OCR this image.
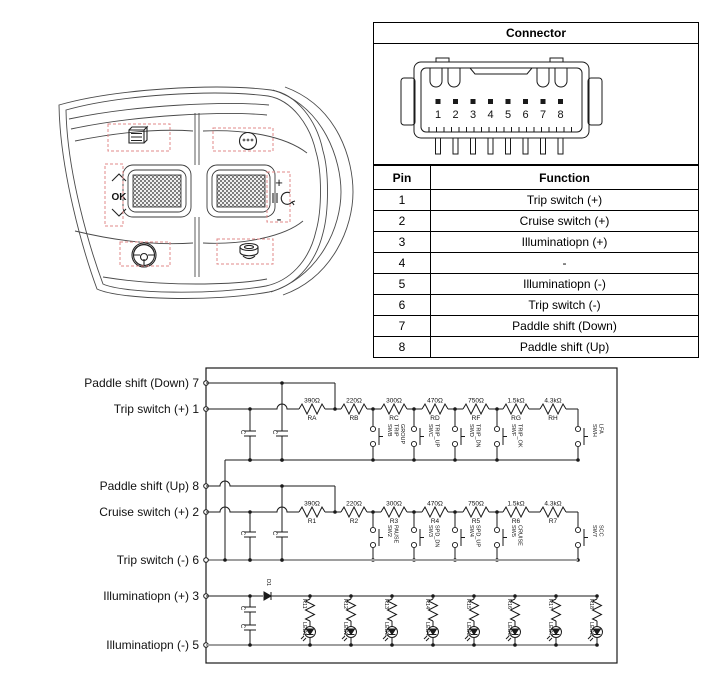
OK
+
-
Connector
1 2 3 4 5 6 7 8
Pin	Function
1	Trip switch (+)
2	Cruise switch (+)
3	Illuminatiopn (+)
4	-
5	Illuminatiopn (-)
6	Trip switch (-)
7	Paddle shift (Down)
8	Paddle shift (Up)
Paddle shift (Down) 7
Trip switch (+) 1
Paddle shift (Up) 8
Cruise switch (+) 2
Trip switch (-) 6
Illuminatiopn (+) 3
Illuminatiopn (-) 5
390Ω
RA
220Ω
RB
300Ω
RC
470Ω
RD
750Ω
RF
1.5kΩ
RG
4.3kΩ
RH
SWB TRIP GROUP	SWC TRIP_UP	SWD TRIP_DN	SWF TRIP_OK	SWH LFA
C	C
390Ω
R1
220Ω
R2
300Ω
R3
470Ω
R4
750Ω
R5
1.5kΩ
R6
4.3kΩ
R7
SW2 PAUSE	SW3 SPD_DN	SW4 SPD_UP	SW5 CRUISE	SW7 SCC
C	C
D1
C
C
R11
LED1
R12
LED2
R13
LED3
R14
LED4
R15
LED5
R16
LED6
R17
LED7
R18
LED8
